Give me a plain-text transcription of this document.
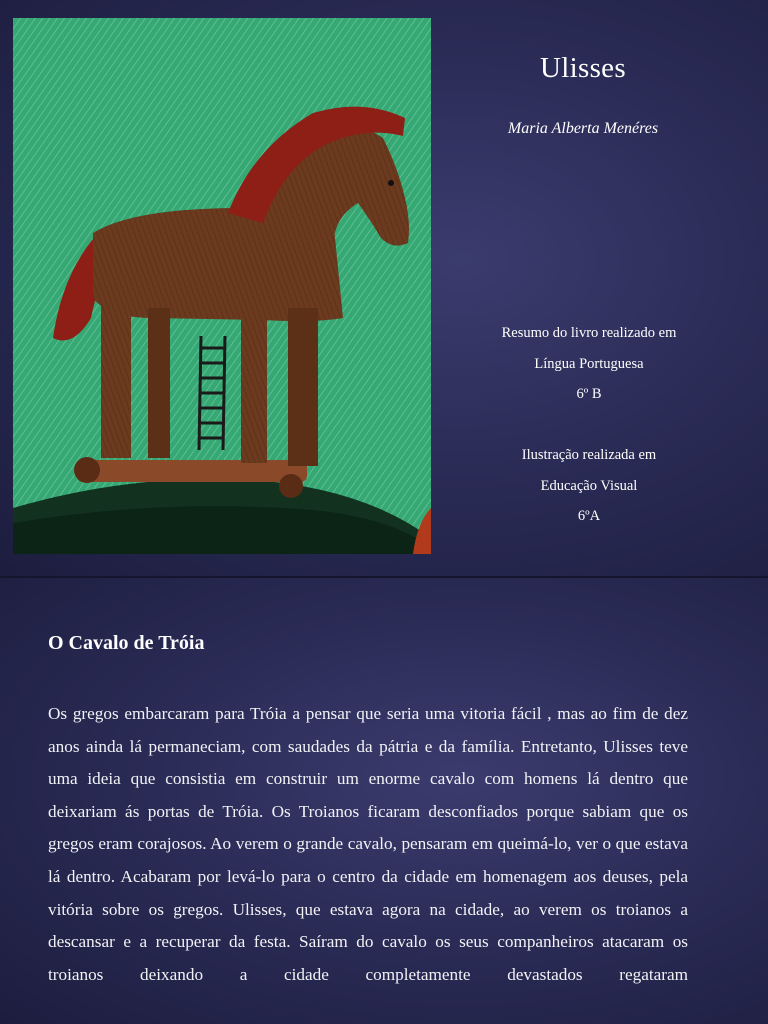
Ulisses
Maria Alberta Menéres
Resumo do livro realizado em
Língua Portuguesa
6º B
Ilustração realizada em
Educação Visual
6ºA
O Cavalo de Tróia
Os gregos embarcaram para Tróia a pensar que seria uma vitoria fácil , mas ao fim de dez anos ainda lá permaneciam, com saudades da pátria e da família. Entretanto, Ulisses teve uma ideia que consistia em construir um enorme cavalo com homens lá dentro que deixariam ás portas de Tróia. Os Troianos ficaram desconfiados porque sabiam que os gregos eram corajosos. Ao verem o grande cavalo, pensaram em queimá-lo, ver o que estava lá dentro. Acabaram por levá-lo para o centro da cidade em homenagem aos deuses, pela vitória sobre os gregos. Ulisses, que estava agora na cidade, ao verem os troianos a descansar e a recuperar da festa. Saíram do cavalo os seus companheiros atacaram os troianos deixando a cidade completamente devastados regataram
